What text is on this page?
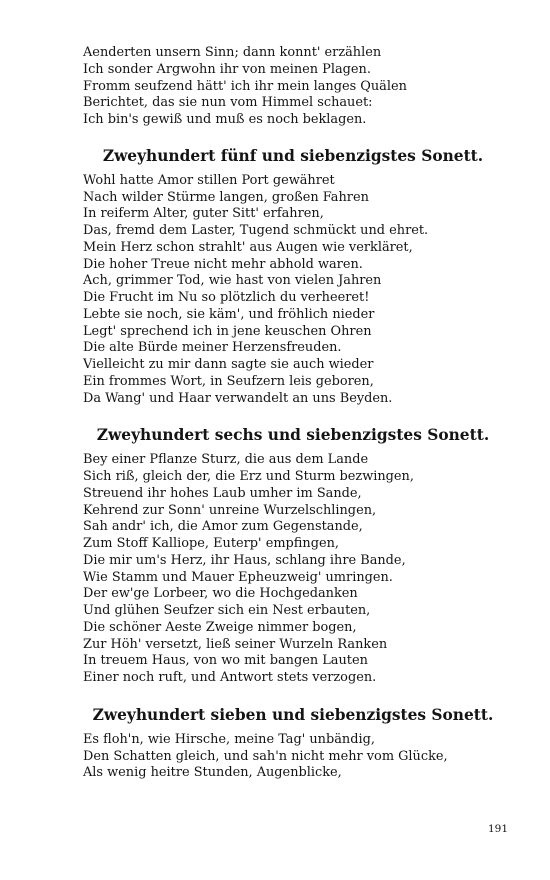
Aenderten unsern Sinn; dann konnt' erzählen
Ich sonder Argwohn ihr von meinen Plagen.
Fromm seufzend hätt' ich ihr mein langes Quälen
Berichtet, das sie nun vom Himmel schauet:
Ich bin's gewiß und muß es noch beklagen.
Zweyhundert fünf und siebenzigstes Sonett.
Wohl hatte Amor stillen Port gewähret
Nach wilder Stürme langen, großen Fahren
In reiferm Alter, guter Sitt' erfahren,
Das, fremd dem Laster, Tugend schmückt und ehret.
Mein Herz schon strahlt' aus Augen wie verkläret,
Die hoher Treue nicht mehr abhold waren.
Ach, grimmer Tod, wie hast von vielen Jahren
Die Frucht im Nu so plötzlich du verheeret!
Lebte sie noch, sie käm', und fröhlich nieder
Legt' sprechend ich in jene keuschen Ohren
Die alte Bürde meiner Herzensfreuden.
Vielleicht zu mir dann sagte sie auch wieder
Ein frommes Wort, in Seufzern leis geboren,
Da Wang' und Haar verwandelt an uns Beyden.
Zweyhundert sechs und siebenzigstes Sonett.
Bey einer Pflanze Sturz, die aus dem Lande
Sich riß, gleich der, die Erz und Sturm bezwingen,
Streuend ihr hohes Laub umher im Sande,
Kehrend zur Sonn' unreine Wurzelschlingen,
Sah andr' ich, die Amor zum Gegenstande,
Zum Stoff Kalliope, Euterp' empfingen,
Die mir um's Herz, ihr Haus, schlang ihre Bande,
Wie Stamm und Mauer Epheuzweig' umringen.
Der ew'ge Lorbeer, wo die Hochgedanken
Und glühen Seufzer sich ein Nest erbauten,
Die schöner Aeste Zweige nimmer bogen,
Zur Höh' versetzt, ließ seiner Wurzeln Ranken
In treuem Haus, von wo mit bangen Lauten
Einer noch ruft, und Antwort stets verzogen.
Zweyhundert sieben und siebenzigstes Sonett.
Es floh'n, wie Hirsche, meine Tag' unbändig,
Den Schatten gleich, und sah'n nicht mehr vom Glücke,
Als wenig heitre Stunden, Augenblicke,
191
